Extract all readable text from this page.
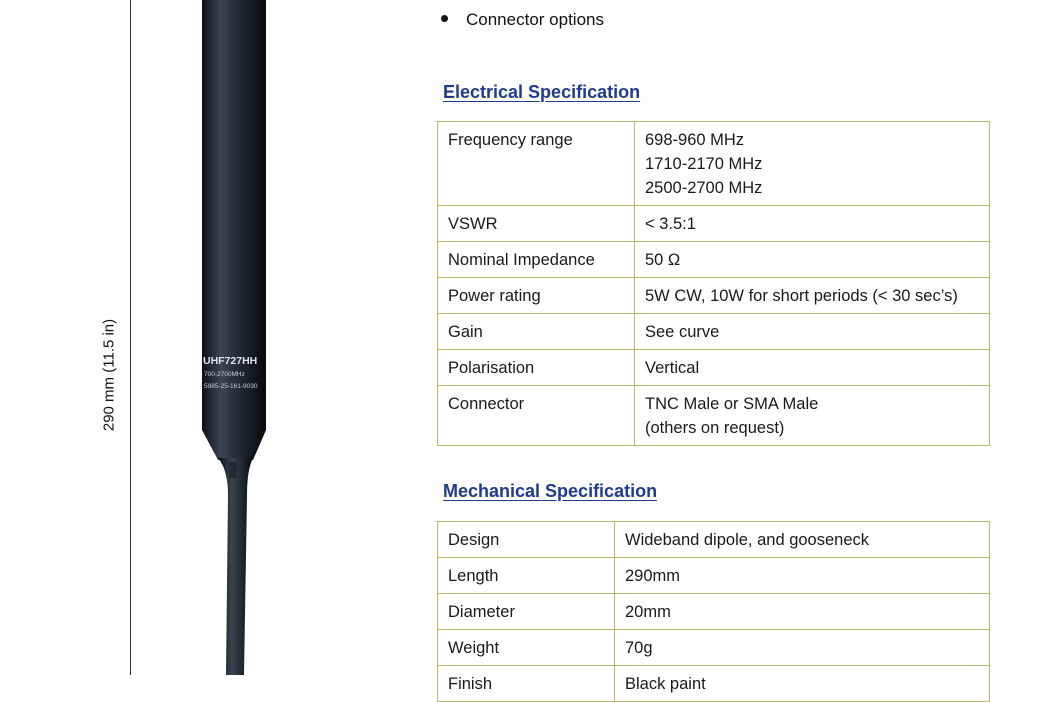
290 mm (11.5 in)	UHF727HH
700-2700MHz
5985-25-161-9030
Connector options
Electrical Specification
Frequency range	698-960 MHz
1710-2170 MHz
2500-2700 MHz

VSWR	< 3.5:1

Nominal Impedance	50 Ω

Power rating	5W CW, 10W for short periods (< 30 sec’s)

Gain	See curve

Polarisation	Vertical

Connector	TNC Male or SMA Male
(others on request)
Mechanical Specification
Design	Wideband dipole, and gooseneck

Length	290mm

Diameter	20mm

Weight	70g

Finish	Black paint
